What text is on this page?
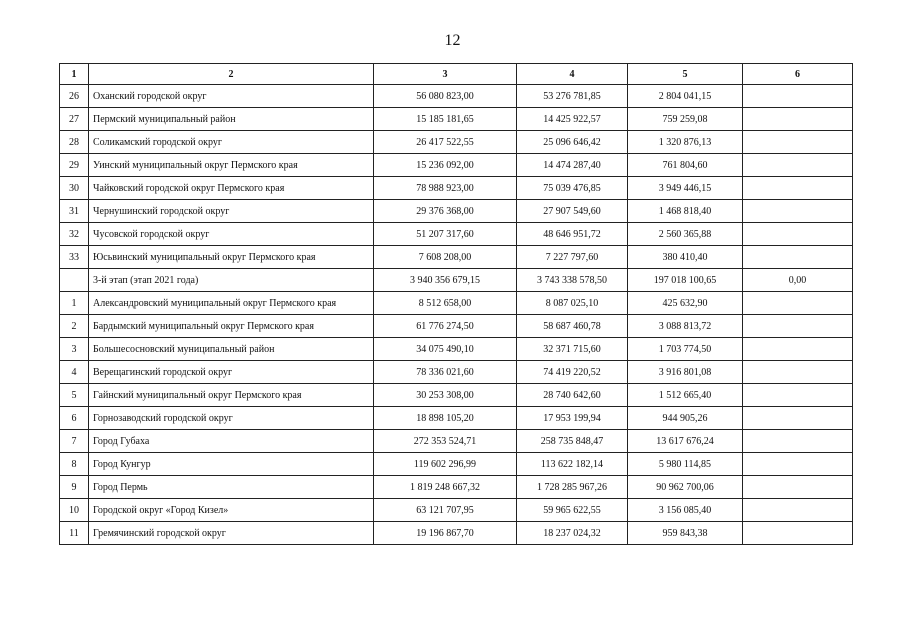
12
1	2	3	4	5	6
26	Оханский городской округ	56 080 823,00	53 276 781,85	2 804 041,15	
27	Пермский муниципальный район	15 185 181,65	14 425 922,57	759 259,08	
28	Соликамский городской округ	26 417 522,55	25 096 646,42	1 320 876,13	
29	Уинский муниципальный округ Пермского края	15 236 092,00	14 474 287,40	761 804,60	
30	Чайковский городской округ Пермского края	78 988 923,00	75 039 476,85	3 949 446,15	
31	Чернушинский городской округ	29 376 368,00	27 907 549,60	1 468 818,40	
32	Чусовской городской округ	51 207 317,60	48 646 951,72	2 560 365,88	
33	Юсьвинский муниципальный округ Пермского края	7 608 208,00	7 227 797,60	380 410,40	
	3-й этап (этап 2021 года)	3 940 356 679,15	3 743 338 578,50	197 018 100,65	0,00
1	Александровский муниципальный округ Пермского края	8 512 658,00	8 087 025,10	425 632,90	
2	Бардымский муниципальный округ Пермского края	61 776 274,50	58 687 460,78	3 088 813,72	
3	Большесосновский муниципальный район	34 075 490,10	32 371 715,60	1 703 774,50	
4	Верещагинский городской округ	78 336 021,60	74 419 220,52	3 916 801,08	
5	Гайнский муниципальный округ Пермского края	30 253 308,00	28 740 642,60	1 512 665,40	
6	Горнозаводский городской округ	18 898 105,20	17 953 199,94	944 905,26	
7	Город Губаха	272 353 524,71	258 735 848,47	13 617 676,24	
8	Город Кунгур	119 602 296,99	113 622 182,14	5 980 114,85	
9	Город Пермь	1 819 248 667,32	1 728 285 967,26	90 962 700,06	
10	Городской округ «Город Кизел»	63 121 707,95	59 965 622,55	3 156 085,40	
11	Гремячинский городской округ	19 196 867,70	18 237 024,32	959 843,38	
